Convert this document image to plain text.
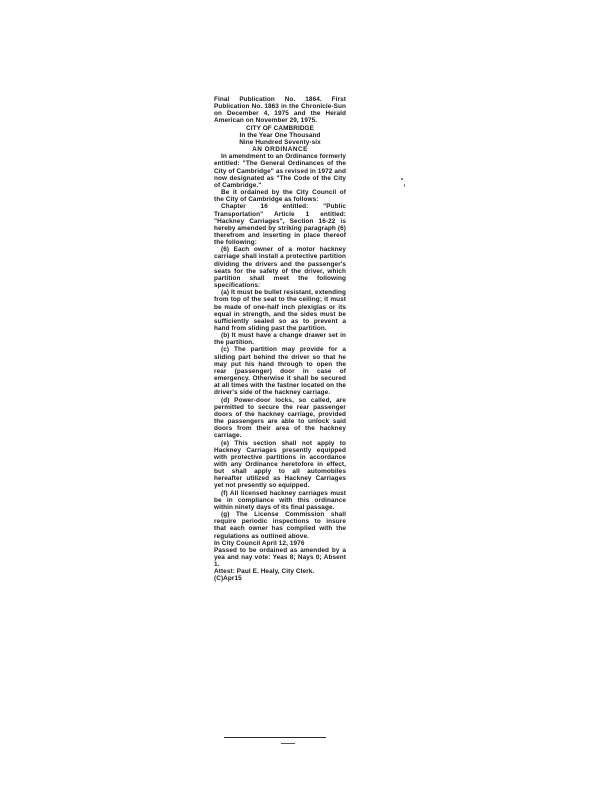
Final Publication No. 1864. First Publication No. 1863 in the Chronicle-Sun on December 4, 1975 and the Herald American on November 29, 1975.

CITY OF CAMBRIDGE

In the Year One Thousand

Nine Hundred Seventy-six

AN ORDINANCE

In amendment to an Ordinance formerly entitled: "The General Ordinances of the City of Cambridge" as revised in 1972 and now designated as "The Code of the City of Cambridge."

Be it ordained by the City Council of the City of Cambridge as follows:

Chapter 16 entitled: "Public Transportation" Article 1 entitled: "Hackney Carriages", Section 16-22 is hereby amended by striking paragraph (6) therefrom and inserting in place thereof the following:

(6) Each owner of a motor hackney carriage shall install a protective partition dividing the drivers and the passenger's seats for the safety of the driver, which partition shall meet the following specifications:

(a) It must be bullet resistant, extending from top of the seat to the ceiling; it must be made of one-half inch plexiglas or its equal in strength, and the sides must be sufficiently sealed so as to prevent a hand from sliding past the partition.

(b) It must have a change drawer set in the partition.

(c) The partition may provide for a sliding part behind the driver so that he may put his hand through to open the rear (passenger) door in case of emergency. Otherwise it shall be secured at all times with the fastner located on the driver's side of the hackney carriage.

(d) Power-door locks, so called, are permitted to secure the rear passenger doors of the hackney carriage, provided the passengers are able to unlock said doors from their area of the hackney carriage.

(e) This section shall not apply to Hackney Carriages presently equipped with protective partitions in accordance with any Ordinance heretofore in effect, but shall apply to all automobiles hereafter utilized as Hackney Carriages yet not presently so equipped.

(f) All licensed hackney carriages must be in compliance with this ordinance within ninety days of its final passage.

(g) The License Commission shall require periodic inspections to insure that each owner has complied with the regulations as outlined above.

In City Council April 12, 1976

Passed to be ordained as amended by a yea and nay vote: Yeas 8; Nays 0; Absent 1.

Attest: Paul E. Healy, City Clerk.

(C)Apr15
